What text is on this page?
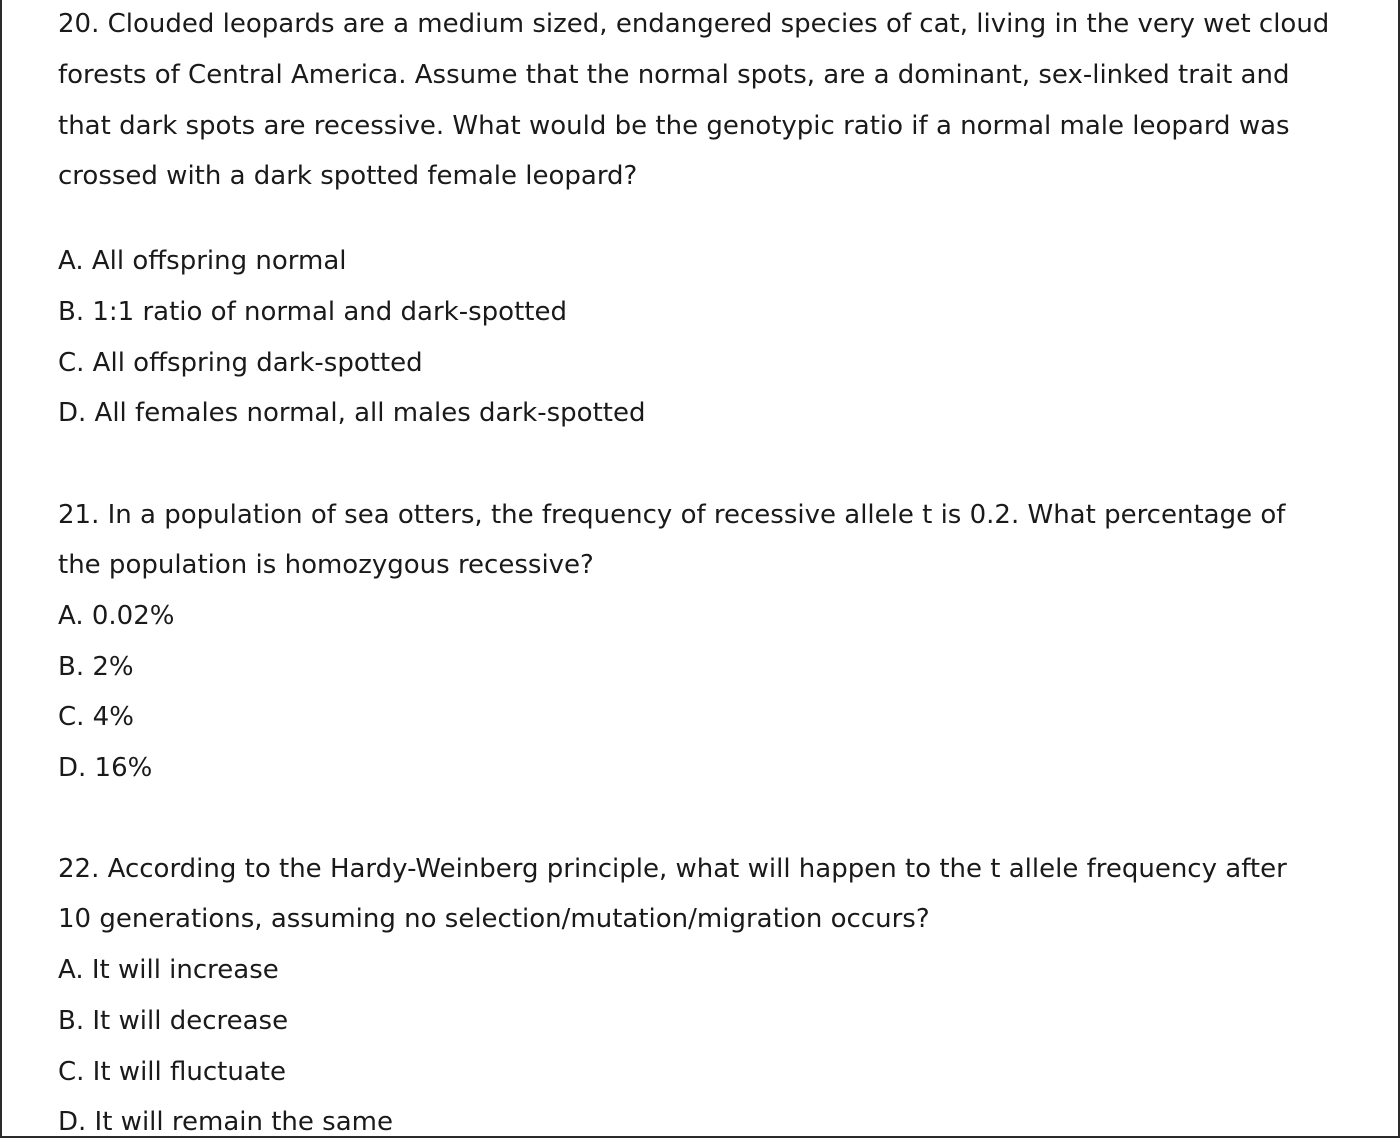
20. Clouded leopards are a medium sized, endangered species of cat, living in the very wet cloud

forests of Central America. Assume that the normal spots, are a dominant, sex-linked trait and

that dark spots are recessive. What would be the genotypic ratio if a normal male leopard was

crossed with a dark spotted female leopard?

A. All offspring normal

B. 1:1 ratio of normal and dark-spotted

C. All offspring dark-spotted

D. All females normal, all males dark-spotted

21. In a population of sea otters, the frequency of recessive allele t is 0.2. What percentage of

the population is homozygous recessive?

A. 0.02%

B. 2%

C. 4%

D. 16%

22. According to the Hardy-Weinberg principle, what will happen to the t allele frequency after

10 generations, assuming no selection/mutation/migration occurs?

A. It will increase

B. It will decrease

C. It will fluctuate

D. It will remain the same
